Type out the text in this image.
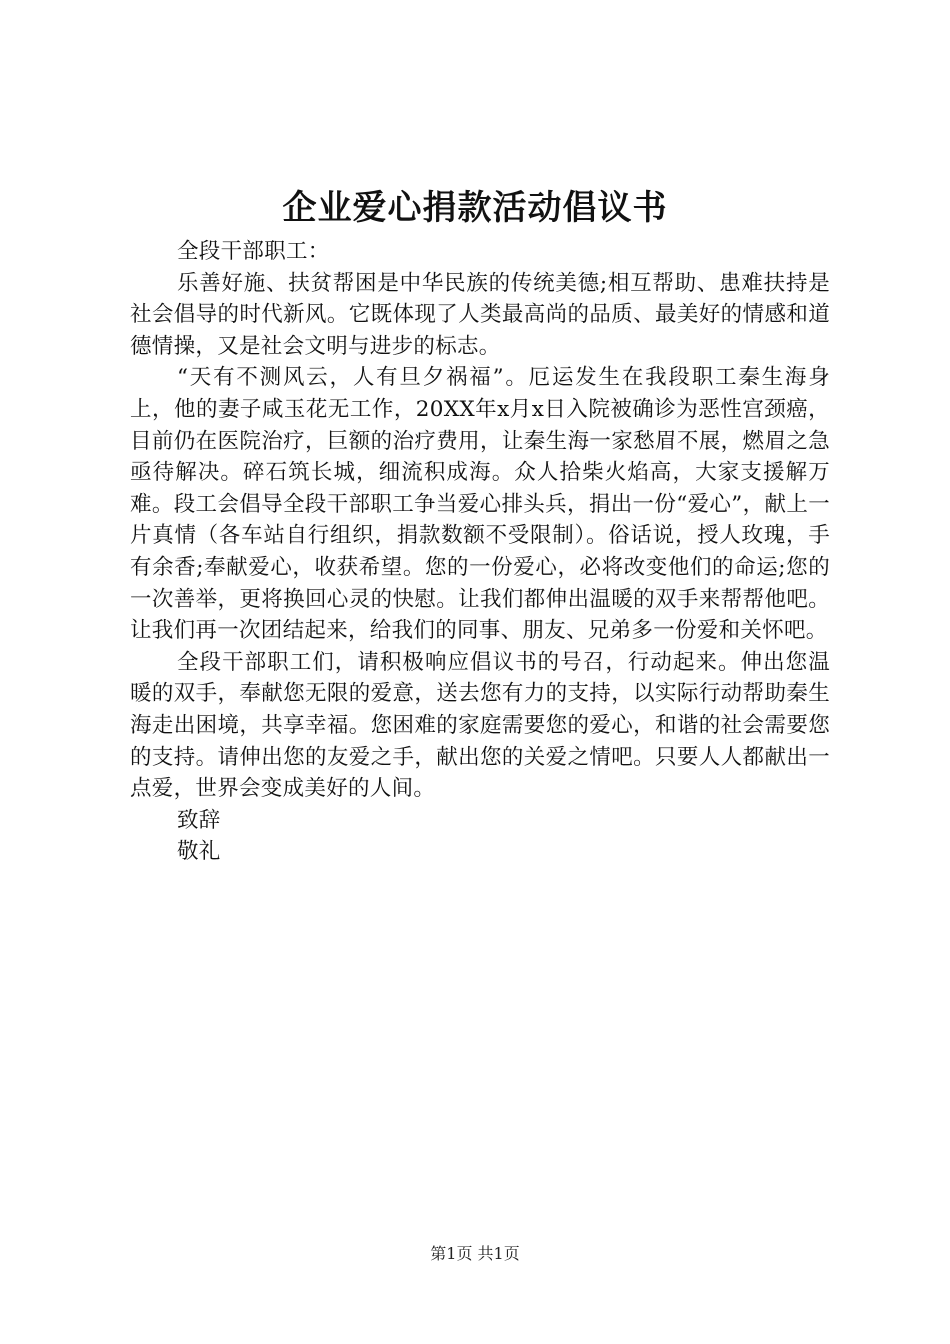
企业爱心捐款活动倡议书

全段干部职工：

乐善好施、扶贫帮困是中华民族的传统美德;相互帮助、患难扶持是社会倡导的时代新风。它既体现了人类最高尚的品质、最美好的情感和道德情操，又是社会文明与进步的标志。

“天有不测风云，人有旦夕祸福”。厄运发生在我段职工秦生海身上，他的妻子咸玉花无工作，20XX年x月x日入院被确诊为恶性宫颈癌，目前仍在医院治疗，巨额的治疗费用，让秦生海一家愁眉不展，燃眉之急亟待解决。碎石筑长城，细流积成海。众人拾柴火焰高，大家支援解万难。段工会倡导全段干部职工争当爱心排头兵，捐出一份“爱心”，献上一片真情（各车站自行组织，捐款数额不受限制）。俗话说，授人玫瑰，手有余香;奉献爱心，收获希望。您的一份爱心，必将改变他们的命运;您的一次善举，更将换回心灵的快慰。让我们都伸出温暖的双手来帮帮他吧。让我们再一次团结起来，给我们的同事、朋友、兄弟多一份爱和关怀吧。

全段干部职工们，请积极响应倡议书的号召，行动起来。伸出您温暖的双手，奉献您无限的爱意，送去您有力的支持，以实际行动帮助秦生海走出困境，共享幸福。您困难的家庭需要您的爱心，和谐的社会需要您的支持。请伸出您的友爱之手，献出您的关爱之情吧。只要人人都献出一点爱，世界会变成美好的人间。

致辞

敬礼

第1页 共1页
